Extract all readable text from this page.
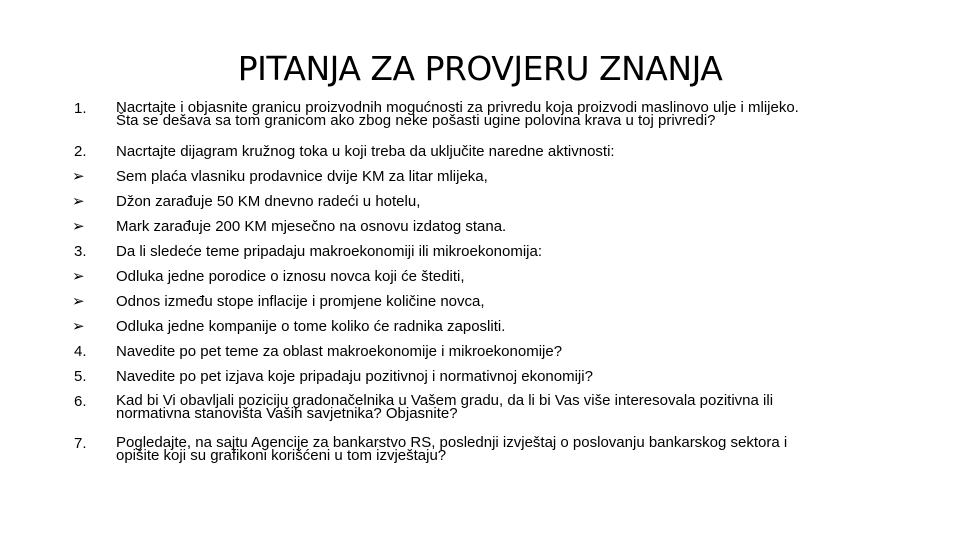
PITANJA ZA PROVJERU ZNANJA
1.	Nacrtajte i objasnite granicu proizvodnih mogućnosti za privredu koja proizvodi maslinovo ulje i mlijeko.
Šta se dešava sa tom granicom ako zbog neke pošasti ugine polovina krava u toj privredi?
2.	Nacrtajte dijagram kružnog toka u koji treba da uključite naredne aktivnosti:
➢	Sem plaća vlasniku prodavnice dvije KM za litar mlijeka,
➢	Džon zarađuje 50 KM dnevno radeći u hotelu,
➢	Mark zarađuje 200 KM mjesečno na osnovu izdatog stana.
3.	Da li sledeće teme pripadaju makroekonomiji ili mikroekonomija:
➢	Odluka jedne porodice o iznosu novca koji će štediti,
➢	Odnos između stope inflacije i promjene količine novca,
➢	Odluka jedne kompanije o tome koliko će radnika zaposliti.
4.	Navedite po pet teme za oblast makroekonomije i mikroekonomije?
5.	Navedite po pet izjava koje pripadaju pozitivnoj i normativnoj ekonomiji?
6.	Kad bi Vi obavljali poziciju gradonačelnika u Vašem gradu, da li bi Vas više interesovala pozitivna ili
normativna stanovišta Vaših savjetnika? Objasnite?
7.	Pogledajte, na sajtu Agencije za bankarstvo RS, poslednji izvještaj o poslovanju bankarskog sektora i
opišite koji su grafikoni korišćeni u tom izvještaju?
